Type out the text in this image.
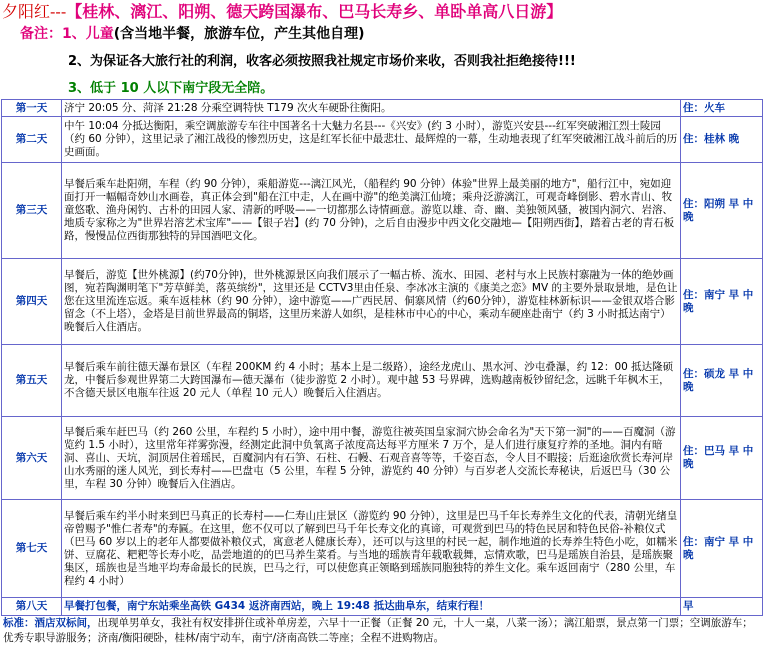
夕阳红---【桂林、漓江、阳朔、德天跨国瀑布、巴马长寿乡、单卧单高八日游】
备注：1、儿童(含当地半餐，旅游车位，产生其他自理)
2、为保证各大旅行社的利润，收客必须按照我社规定市场价来收，否则我社拒绝接待!!!
3、低于 10 人以下南宁段无全陪。
第一天	济宁 20:05 分、菏泽 21:28 分乘空调特快 T179 次火车硬卧往衡阳。	住：火车
第二天	中午 10:04 分抵达衡阳，乘空调旅游专车往中国著名十大魅力名县---《兴安》(约 3 小时），游览兴安县---红军突破湘江烈士陵园（约 60 分钟），这里记录了湘江战役的惨烈历史，这是红军长征中最悲壮、最辉煌的一幕，生动地表现了红军突破湘江战斗前后的历史画面。	住：桂林 晚
第三天	早餐后乘车赴阳朔，车程（约 90 分钟），乘船游览---漓江风光，（船程约 90 分钟）体验"世界上最美丽的地方"，船行江中，宛如迎面打开一幅幅奇妙山水画卷，真正体会到"船在江中走，人在画中游"的绝美漓江仙境；乘舟泛游漓江，可观奇峰倒影、碧水青山、牧童悠歌、渔舟闲钓、古朴的田园人家、清新的呼吸——一切都那么诗情画意。游览以雄、奇、幽、美独领风骚，被国内洞穴、岩溶、地质专家称之为"世界岩溶艺术宝库"——【银子岩】(约 70 分钟)，之后自由漫步中西文化交融地—【阳朔西街】，踏着古老的青石板路，慢慢品位西街那独特的异国酒吧文化。	住：阳朔 早 中 晚
第四天	早餐后，游览【世外桃源】(约70分钟)，世外桃源景区向我们展示了一幅古桥、流水、田园、老村与水上民族村寨融为一体的绝妙画图，宛若陶渊明笔下"芳草鲜美，落英缤纷"，这里还是 CCTV3里由任泉、李冰冰主演的《康美之恋》MV 的主要外景取景地，是色让您在这里流连忘返。乘车返桂林（约 90 分钟），途中游览——广西民居、侗寨风情（约60分钟），游览桂林新标识——金银双塔合影留念（不上塔），金塔是目前世界最高的铜塔，这里历来游人如织，是桂林市中心的中心，乘动车硬座赴南宁（约 3 小时抵达南宁）晚餐后入住酒店。	住：南宁 早 中 晚
第五天	早餐后乘车前往德天瀑布景区（车程 200KM 约 4 小时；基本上是二级路），途经龙虎山、黑水河、沙屯叠瀑，约 12：00 抵达隆硕龙，中餐后参观世界第二大跨国瀑布—德天瀑布（徒步游览 2 小时）。观中越 53 号界碑，选购越南板钞留纪念，远眺千年枫木王，不含德天景区电瓶车往返 20 元人（单程 10 元人）晚餐后入住酒店。	住：硕龙 早 中 晚
第六天	早餐后乘车赶巴马（约 260 公里，车程约 5 小时），途中用中餐，游览往被英国皇家洞穴协会命名为"天下第一洞"的——百魔洞（游览约 1.5 小时），这里常年祥雾弥漫，经测定此洞中负氧离子浓度高达每平方厘米 7 万个，是人们进行康复疗养的圣地。洞内有暗洞、喜山、天坑，洞顶居住着瑶民，百魔洞内有石笋、石柱、石幔、石观音喜等等，千姿百态，令人目不暇接；后逛途欣赏长寿河岸山水秀丽的迷人风光，到长寿村——巴盘屯（5 公里，车程 5 分钟，游览约 40 分钟）与百岁老人交流长寿秘诀，后返巴马（30 公里，车程 30 分钟）晚餐后入住酒店。	住：巴马 早 中 晚
第七天	早餐后乘车约半小时来到巴马真正的长寿村——仁寿山庄景区（游览约 90 分钟），这里是巴马千年长寿养生文化的代表，清朝光绪皇帝曾赐予"惟仁者寿"的寿匾。在这里，您不仅可以了解到巴马千年长寿文化的真谛，可观赏到巴马的特色民居和特色民俗-补粮仪式（巴马 60 岁以上的老年人都要做补粮仪式，寓意老人健康长寿），还可以与这里的村民一起，制作地道的长寿养生特色小吃，如糯米饼、豆腐花、粑粑等长寿小吃，品尝地道的的巴马养生菜肴。与当地的瑶族青年载歌载舞，忘情欢歌，巴马是瑶族自治县，是瑶族聚集区，瑶族也是当地平均寿命最长的民族，巴马之行，可以使您真正领略到瑶族同胞独特的养生文化。乘车返回南宁（280 公里，车程约 4 小时）	住：南宁 早 中 晚
第八天	早餐打包餐，南宁东站乘坐高铁 G434 返济南西站，晚上 19:48 抵达曲阜东，结束行程！	早
标准：酒店双标间，出现单男单女，我社有权安排拼住或补单房差，六早十一正餐（正餐 20 元，十人一桌，八菜一汤）；漓江船票，景点第一门票；空调旅游车；优秀专职导游服务；济南/衡阳硬卧，桂林/南宁动车，南宁/济南高铁二等座；全程不进购物店。
